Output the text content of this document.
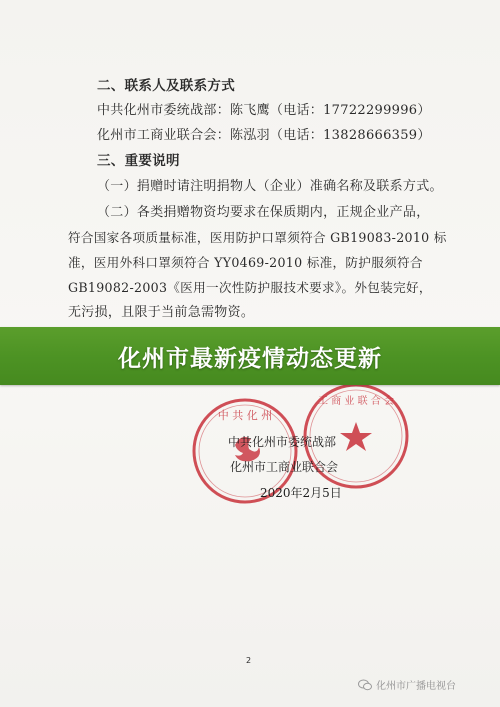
二、联系人及联系方式
中共化州市委统战部：陈飞鹰（电话：17722299996）
化州市工商业联合会：陈泓羽（电话：13828666359）
三、重要说明
（一）捐赠时请注明捐物人（企业）准确名称及联系方式。
（二）各类捐赠物资均要求在保质期内，正规企业产品，
符合国家各项质量标准，医用防护口罩须符合 GB19083-2010 标
准，医用外科口罩须符合 YY0469-2010 标准，防护服须符合
GB19082-2003《医用一次性防护服技术要求》。外包装完好，
无污损，且限于当前急需物资。
中 共 化 州
工 商 业 联 合 会
中共化州市委统战部
化州市工商业联合会
2020年2月5日
2
化州市最新疫情动态更新
化州市广播电视台
